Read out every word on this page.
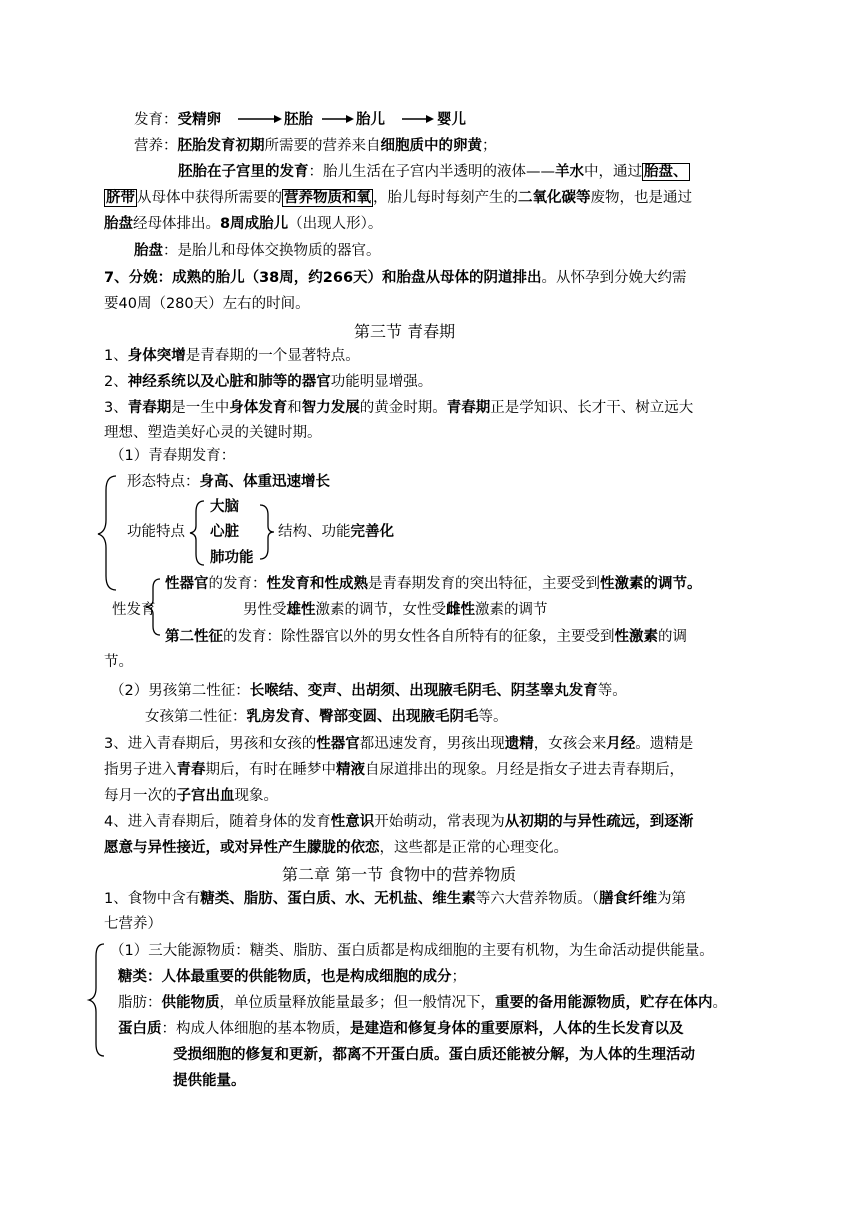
发育：受精卵	胚胎	胎儿	婴儿
营养：胚胎发育初期所需要的营养来自细胞质中的卵黄；
胚胎在子宫里的发育：胎儿生活在子宫内半透明的液体——羊水中，通过 胎盘、
脐带 从母体中获得所需要的 营养物质和氧 ，胎儿每时每刻产生的二氧化碳等废物，也是通过
胎盘经母体排出。8周成胎儿（出现人形）。
胎盘：是胎儿和母体交换物质的器官。
7、分娩：成熟的胎儿（38周，约266天）和胎盘从母体的阴道排出。从怀孕到分娩大约需
要40周（280天）左右的时间。
第三节 青春期
1、身体突增是青春期的一个显著特点。
2、神经系统以及心脏和肺等的器官功能明显增强。
3、青春期是一生中身体发育和智力发展的黄金时期。青春期正是学知识、长才干、树立远大
理想、塑造美好心灵的关键时期。
（1）青春期发育：
形态特点：身高、体重迅速增长
功能特点
大脑
心脏
肺功能
结构、功能完善化
性发育
性器官的发育：性发育和性成熟是青春期发育的突出特征，主要受到性激素的调节。
男性受雄性激素的调节，女性受雌性激素的调节
第二性征的发育：除性器官以外的男女性各自所特有的征象，主要受到性激素的调
节。
（2）男孩第二性征：长喉结、变声、出胡须、出现腋毛阴毛、阴茎睾丸发育等。
女孩第二性征：乳房发育、臀部变圆、出现腋毛阴毛等。
3、进入青春期后，男孩和女孩的性器官都迅速发育，男孩出现遗精，女孩会来月经。遗精是
指男子进入青春期后，有时在睡梦中精液自尿道排出的现象。月经是指女子进去青春期后，
每月一次的子宫出血现象。
4、进入青春期后，随着身体的发育性意识开始萌动，常表现为从初期的与异性疏远，到逐渐
愿意与异性接近，或对异性产生朦胧的依恋，这些都是正常的心理变化。
第二章 第一节 食物中的营养物质
1、食物中含有糖类、脂肪、蛋白质、水、无机盐、维生素等六大营养物质。（膳食纤维为第
七营养）
（1）三大能源物质：糖类、脂肪、蛋白质都是构成细胞的主要有机物，为生命活动提供能量。
糖类：人体最重要的供能物质，也是构成细胞的成分；
脂肪：供能物质，单位质量释放能量最多；但一般情况下，重要的备用能源物质，贮存在体内。
蛋白质：构成人体细胞的基本物质，是建造和修复身体的重要原料，人体的生长发育以及
受损细胞的修复和更新，都离不开蛋白质。蛋白质还能被分解，为人体的生理活动
提供能量。
